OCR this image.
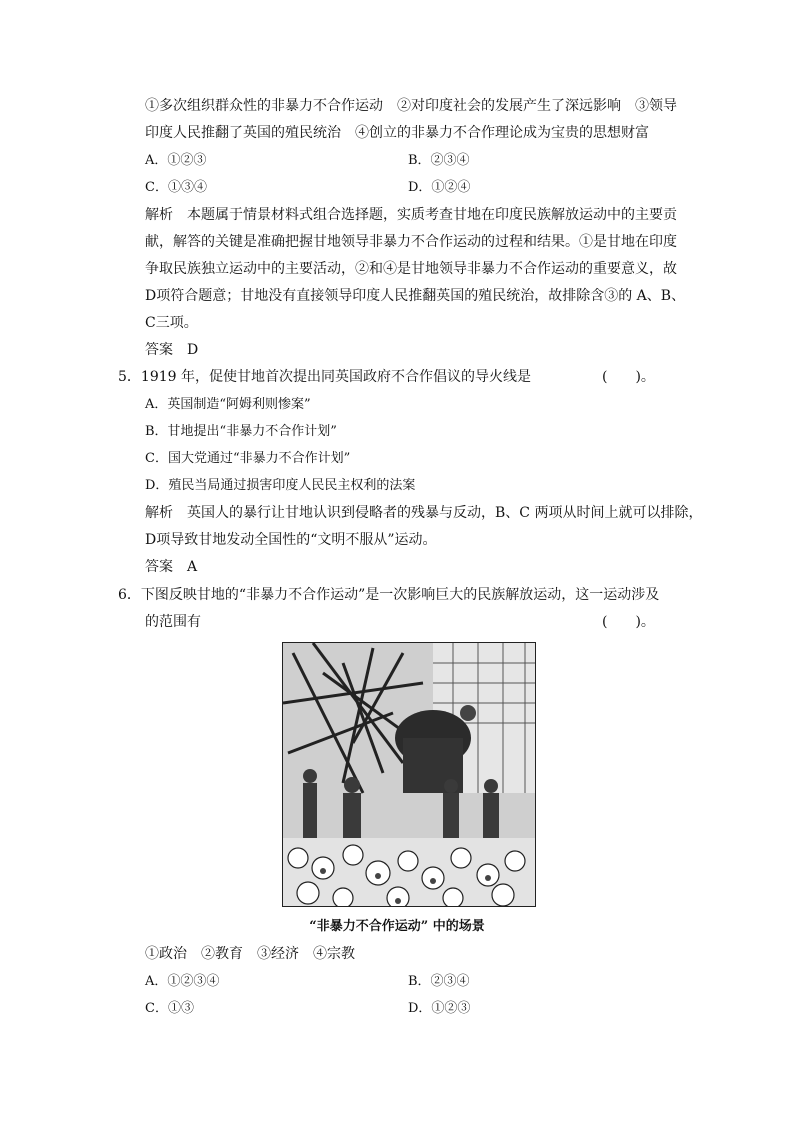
①多次组织群众性的非暴力不合作运动　②对印度社会的发展产生了深远影响　③领导
印度人民推翻了英国的殖民统治　④创立的非暴力不合作理论成为宝贵的思想财富
A．①②③	B．②③④
C．①③④	D．①②④
解析　本题属于情景材料式组合选择题，实质考查甘地在印度民族解放运动中的主要贡
献，解答的关键是准确把握甘地领导非暴力不合作运动的过程和结果。①是甘地在印度
争取民族独立运动中的主要活动，②和④是甘地领导非暴力不合作运动的重要意义，故
D项符合题意；甘地没有直接领导印度人民推翻英国的殖民统治，故排除含③的 A、B、
C三项。
答案　D
5．1919 年，促使甘地首次提出同英国政府不合作倡议的导火线是	(　　)。
A．英国制造“阿姆利则惨案”
B．甘地提出“非暴力不合作计划”
C．国大党通过“非暴力不合作计划”
D．殖民当局通过损害印度人民民主权利的法案
解析　英国人的暴行让甘地认识到侵略者的残暴与反动，B、C 两项从时间上就可以排除，
D项导致甘地发动全国性的“文明不服从”运动。
答案　A
6．下图反映甘地的“非暴力不合作运动”是一次影响巨大的民族解放运动，这一运动涉及
的范围有	(　　)。
“非暴力不合作运动” 中的场景
①政治　②教育　③经济　④宗教
A．①②③④	B．②③④
C．①③	D．①②③
